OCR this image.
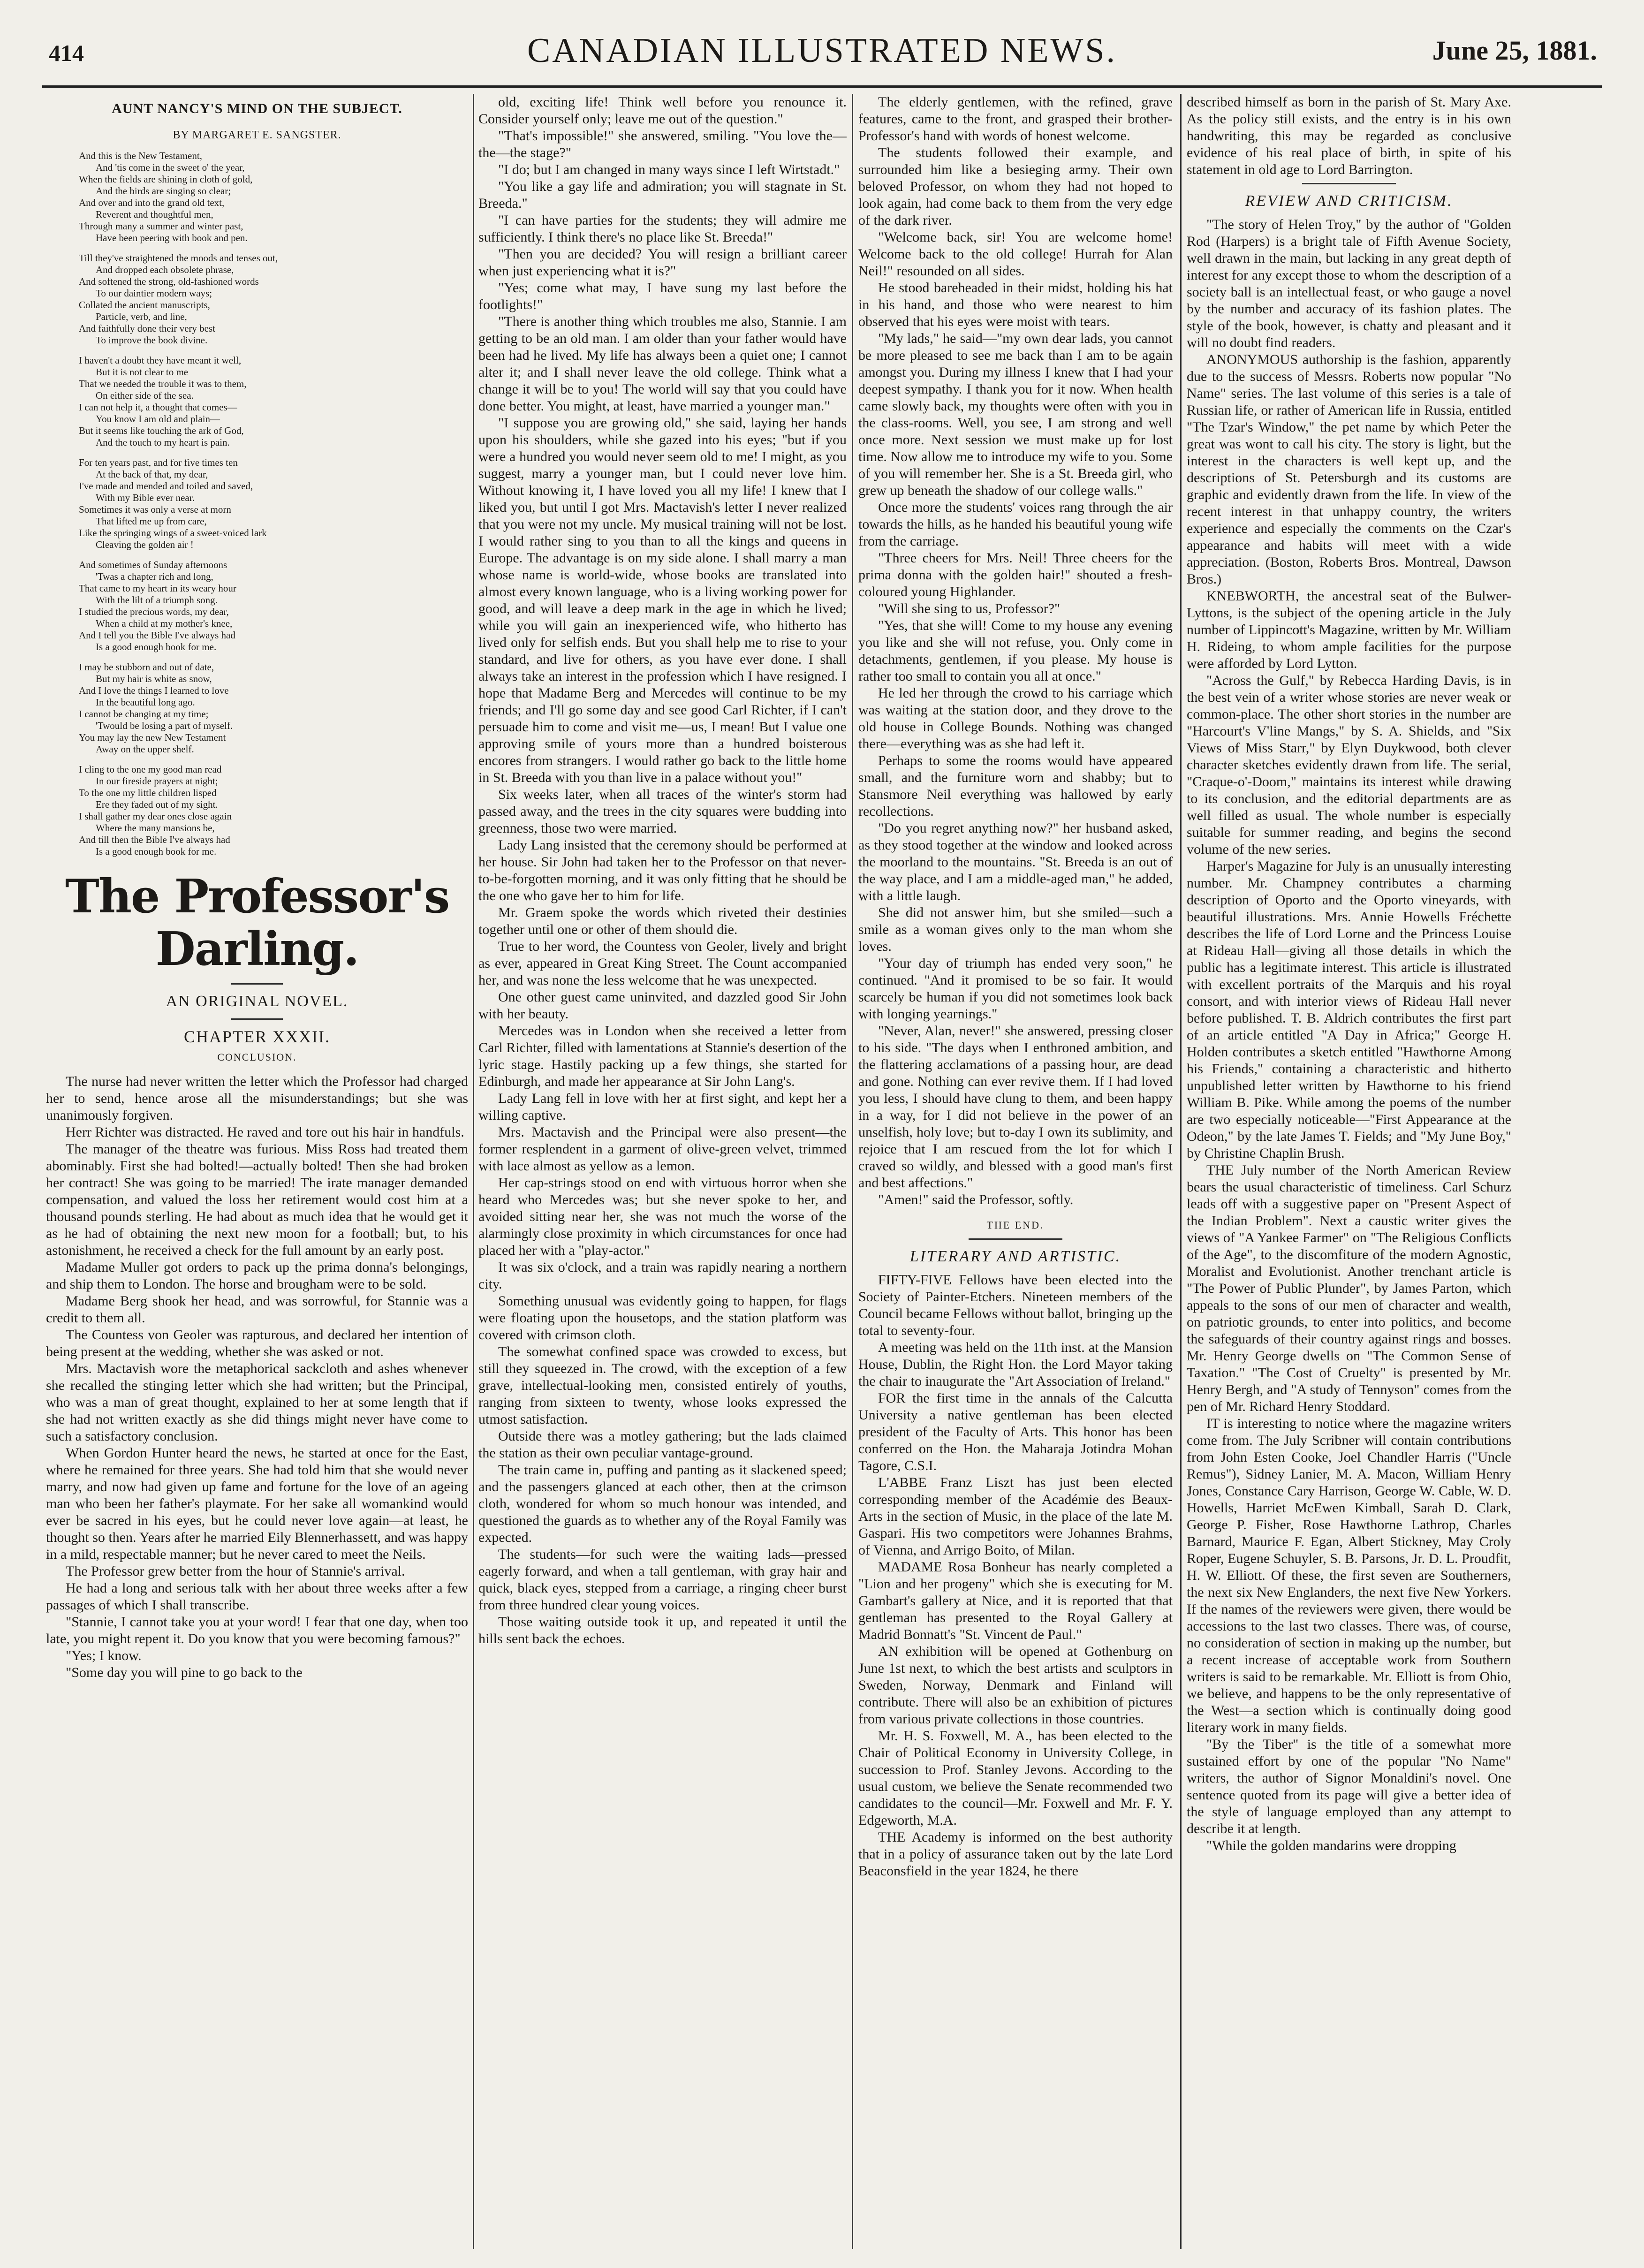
414	CANADIAN ILLUSTRATED NEWS.	June 25, 1881.
AUNT NANCY'S MIND ON THE SUBJECT.
BY MARGARET E. SANGSTER.
And this is the New Testament,
And 'tis come in the sweet o' the year,
When the fields are shining in cloth of gold,
And the birds are singing so clear;
And over and into the grand old text,
Reverent and thoughtful men,
Through many a summer and winter past,
Have been peering with book and pen.
Till they've straightened the moods and tenses out,
And dropped each obsolete phrase,
And softened the strong, old-fashioned words
To our daintier modern ways;
Collated the ancient manuscripts,
Particle, verb, and line,
And faithfully done their very best
To improve the book divine.
I haven't a doubt they have meant it well,
But it is not clear to me
That we needed the trouble it was to them,
On either side of the sea.
I can not help it, a thought that comes—
You know I am old and plain—
But it seems like touching the ark of God,
And the touch to my heart is pain.
For ten years past, and for five times ten
At the back of that, my dear,
I've made and mended and toiled and saved,
With my Bible ever near.
Sometimes it was only a verse at morn
That lifted me up from care,
Like the springing wings of a sweet-voiced lark
Cleaving the golden air !
And sometimes of Sunday afternoons
'Twas a chapter rich and long,
That came to my heart in its weary hour
With the lilt of a triumph song.
I studied the precious words, my dear,
When a child at my mother's knee,
And I tell you the Bible I've always had
Is a good enough book for me.
I may be stubborn and out of date,
But my hair is white as snow,
And I love the things I learned to love
In the beautiful long ago.
I cannot be changing at my time;
'Twould be losing a part of myself.
You may lay the new New Testament
Away on the upper shelf.
I cling to the one my good man read
In our fireside prayers at night;
To the one my little children lisped
Ere they faded out of my sight.
I shall gather my dear ones close again
Where the many mansions be,
And till then the Bible I've always had
Is a good enough book for me.
The Professor's Darling.
AN ORIGINAL NOVEL.
CHAPTER XXXII.
CONCLUSION.

The nurse had never written the letter which the Professor had charged her to send, hence arose all the misunderstandings; but she was unanimously forgiven.

Herr Richter was distracted. He raved and tore out his hair in handfuls.

The manager of the theatre was furious. Miss Ross had treated them abominably. First she had bolted!—actually bolted! Then she had broken her contract! She was going to be married! The irate manager demanded compensation, and valued the loss her retirement would cost him at a thousand pounds sterling. He had about as much idea that he would get it as he had of obtaining the next new moon for a football; but, to his astonishment, he received a check for the full amount by an early post.

Madame Muller got orders to pack up the prima donna's belongings, and ship them to London. The horse and brougham were to be sold.

Madame Berg shook her head, and was sorrowful, for Stannie was a credit to them all.

The Countess von Geoler was rapturous, and declared her intention of being present at the wedding, whether she was asked or not.

Mrs. Mactavish wore the metaphorical sackcloth and ashes whenever she recalled the stinging letter which she had written; but the Principal, who was a man of great thought, explained to her at some length that if she had not written exactly as she did things might never have come to such a satisfactory conclusion.

When Gordon Hunter heard the news, he started at once for the East, where he remained for three years. She had told him that she would never marry, and now had given up fame and fortune for the love of an ageing man who been her father's playmate. For her sake all womankind would ever be sacred in his eyes, but he could never love again—at least, he thought so then. Years after he married Eily Blennerhassett, and was happy in a mild, respectable manner; but he never cared to meet the Neils.

The Professor grew better from the hour of Stannie's arrival.

He had a long and serious talk with her about three weeks after a few passages of which I shall transcribe.

"Stannie, I cannot take you at your word! I fear that one day, when too late, you might repent it. Do you know that you were becoming famous?"

"Yes; I know.

"Some day you will pine to go back to the

old, exciting life! Think well before you renounce it. Consider yourself only; leave me out of the question."

"That's impossible!" she answered, smiling. "You love the—the—the stage?"

"I do; but I am changed in many ways since I left Wirtstadt."

"You like a gay life and admiration; you will stagnate in St. Breeda."

"I can have parties for the students; they will admire me sufficiently. I think there's no place like St. Breeda!"

"Then you are decided? You will resign a brilliant career when just experiencing what it is?"

"Yes; come what may, I have sung my last before the footlights!"

"There is another thing which troubles me also, Stannie. I am getting to be an old man. I am older than your father would have been had he lived. My life has always been a quiet one; I cannot alter it; and I shall never leave the old college. Think what a change it will be to you! The world will say that you could have done better. You might, at least, have married a younger man."

"I suppose you are growing old," she said, laying her hands upon his shoulders, while she gazed into his eyes; "but if you were a hundred you would never seem old to me! I might, as you suggest, marry a younger man, but I could never love him. Without knowing it, I have loved you all my life! I knew that I liked you, but until I got Mrs. Mactavish's letter I never realized that you were not my uncle. My musical training will not be lost. I would rather sing to you than to all the kings and queens in Europe. The advantage is on my side alone. I shall marry a man whose name is world-wide, whose books are translated into almost every known language, who is a living working power for good, and will leave a deep mark in the age in which he lived; while you will gain an inexperienced wife, who hitherto has lived only for selfish ends. But you shall help me to rise to your standard, and live for others, as you have ever done. I shall always take an interest in the profession which I have resigned. I hope that Madame Berg and Mercedes will continue to be my friends; and I'll go some day and see good Carl Richter, if I can't persuade him to come and visit me—us, I mean! But I value one approving smile of yours more than a hundred boisterous encores from strangers. I would rather go back to the little home in St. Breeda with you than live in a palace without you!"

Six weeks later, when all traces of the winter's storm had passed away, and the trees in the city squares were budding into greenness, those two were married.

Lady Lang insisted that the ceremony should be performed at her house. Sir John had taken her to the Professor on that never-to-be-forgotten morning, and it was only fitting that he should be the one who gave her to him for life.

Mr. Graem spoke the words which riveted their destinies together until one or other of them should die.

True to her word, the Countess von Geoler, lively and bright as ever, appeared in Great King Street. The Count accompanied her, and was none the less welcome that he was unexpected.

One other guest came uninvited, and dazzled good Sir John with her beauty.

Mercedes was in London when she received a letter from Carl Richter, filled with lamentations at Stannie's desertion of the lyric stage. Hastily packing up a few things, she started for Edinburgh, and made her appearance at Sir John Lang's.

Lady Lang fell in love with her at first sight, and kept her a willing captive.

Mrs. Mactavish and the Principal were also present—the former resplendent in a garment of olive-green velvet, trimmed with lace almost as yellow as a lemon.

Her cap-strings stood on end with virtuous horror when she heard who Mercedes was; but she never spoke to her, and avoided sitting near her, she was not much the worse of the alarmingly close proximity in which circumstances for once had placed her with a "play-actor."

It was six o'clock, and a train was rapidly nearing a northern city.

Something unusual was evidently going to happen, for flags were floating upon the housetops, and the station platform was covered with crimson cloth.

The somewhat confined space was crowded to excess, but still they squeezed in. The crowd, with the exception of a few grave, intellectual-looking men, consisted entirely of youths, ranging from sixteen to twenty, whose looks expressed the utmost satisfaction.

Outside there was a motley gathering; but the lads claimed the station as their own peculiar vantage-ground.

The train came in, puffing and panting as it slackened speed; and the passengers glanced at each other, then at the crimson cloth, wondered for whom so much honour was intended, and questioned the guards as to whether any of the Royal Family was expected.

The students—for such were the waiting lads—pressed eagerly forward, and when a tall gentleman, with gray hair and quick, black eyes, stepped from a carriage, a ringing cheer burst from three hundred clear young voices.

Those waiting outside took it up, and repeated it until the hills sent back the echoes.

The elderly gentlemen, with the refined, grave features, came to the front, and grasped their brother-Professor's hand with words of honest welcome.

The students followed their example, and surrounded him like a besieging army. Their own beloved Professor, on whom they had not hoped to look again, had come back to them from the very edge of the dark river.

"Welcome back, sir! You are welcome home! Welcome back to the old college! Hurrah for Alan Neil!" resounded on all sides.

He stood bareheaded in their midst, holding his hat in his hand, and those who were nearest to him observed that his eyes were moist with tears.

"My lads," he said—"my own dear lads, you cannot be more pleased to see me back than I am to be again amongst you. During my illness I knew that I had your deepest sympathy. I thank you for it now. When health came slowly back, my thoughts were often with you in the class-rooms. Well, you see, I am strong and well once more. Next session we must make up for lost time. Now allow me to introduce my wife to you. Some of you will remember her. She is a St. Breeda girl, who grew up beneath the shadow of our college walls."

Once more the students' voices rang through the air towards the hills, as he handed his beautiful young wife from the carriage.

"Three cheers for Mrs. Neil! Three cheers for the prima donna with the golden hair!" shouted a fresh-coloured young Highlander.

"Will she sing to us, Professor?"

"Yes, that she will! Come to my house any evening you like and she will not refuse, you. Only come in detachments, gentlemen, if you please. My house is rather too small to contain you all at once."

He led her through the crowd to his carriage which was waiting at the station door, and they drove to the old house in College Bounds. Nothing was changed there—everything was as she had left it.

Perhaps to some the rooms would have appeared small, and the furniture worn and shabby; but to Stansmore Neil everything was hallowed by early recollections.

"Do you regret anything now?" her husband asked, as they stood together at the window and looked across the moorland to the mountains. "St. Breeda is an out of the way place, and I am a middle-aged man," he added, with a little laugh.

She did not answer him, but she smiled—such a smile as a woman gives only to the man whom she loves.

"Your day of triumph has ended very soon," he continued. "And it promised to be so fair. It would scarcely be human if you did not sometimes look back with longing yearnings."

"Never, Alan, never!" she answered, pressing closer to his side. "The days when I enthroned ambition, and the flattering acclamations of a passing hour, are dead and gone. Nothing can ever revive them. If I had loved you less, I should have clung to them, and been happy in a way, for I did not believe in the power of an unselfish, holy love; but to-day I own its sublimity, and rejoice that I am rescued from the lot for which I craved so wildly, and blessed with a good man's first and best affections."

"Amen!" said the Professor, softly.

THE END.
LITERARY AND ARTISTIC.

FIFTY-FIVE Fellows have been elected into the Society of Painter-Etchers. Nineteen members of the Council became Fellows without ballot, bringing up the total to seventy-four.

A meeting was held on the 11th inst. at the Mansion House, Dublin, the Right Hon. the Lord Mayor taking the chair to inaugurate the "Art Association of Ireland."

FOR the first time in the annals of the Calcutta University a native gentleman has been elected president of the Faculty of Arts. This honor has been conferred on the Hon. the Maharaja Jotindra Mohan Tagore, C.S.I.

L'ABBE Franz Liszt has just been elected corresponding member of the Académie des Beaux-Arts in the section of Music, in the place of the late M. Gaspari. His two competitors were Johannes Brahms, of Vienna, and Arrigo Boito, of Milan.

MADAME Rosa Bonheur has nearly completed a "Lion and her progeny" which she is executing for M. Gambart's gallery at Nice, and it is reported that that gentleman has presented to the Royal Gallery at Madrid Bonnatt's "St. Vincent de Paul."

AN exhibition will be opened at Gothenburg on June 1st next, to which the best artists and sculptors in Sweden, Norway, Denmark and Finland will contribute. There will also be an exhibition of pictures from various private collections in those countries.

Mr. H. S. Foxwell, M. A., has been elected to the Chair of Political Economy in University College, in succession to Prof. Stanley Jevons. According to the usual custom, we believe the Senate recommended two candidates to the council—Mr. Foxwell and Mr. F. Y. Edgeworth, M.A.

THE Academy is informed on the best authority that in a policy of assurance taken out by the late Lord Beaconsfield in the year 1824, he there

described himself as born in the parish of St. Mary Axe. As the policy still exists, and the entry is in his own handwriting, this may be regarded as conclusive evidence of his real place of birth, in spite of his statement in old age to Lord Barrington.

REVIEW AND CRITICISM.

"The story of Helen Troy," by the author of "Golden Rod (Harpers) is a bright tale of Fifth Avenue Society, well drawn in the main, but lacking in any great depth of interest for any except those to whom the description of a society ball is an intellectual feast, or who gauge a novel by the number and accuracy of its fashion plates. The style of the book, however, is chatty and pleasant and it will no doubt find readers.

ANONYMOUS authorship is the fashion, apparently due to the success of Messrs. Roberts now popular "No Name" series. The last volume of this series is a tale of Russian life, or rather of American life in Russia, entitled "The Tzar's Window," the pet name by which Peter the great was wont to call his city. The story is light, but the interest in the characters is well kept up, and the descriptions of St. Petersburgh and its customs are graphic and evidently drawn from the life. In view of the recent interest in that unhappy country, the writers experience and especially the comments on the Czar's appearance and habits will meet with a wide appreciation. (Boston, Roberts Bros. Montreal, Dawson Bros.)

KNEBWORTH, the ancestral seat of the Bulwer-Lyttons, is the subject of the opening article in the July number of Lippincott's Magazine, written by Mr. William H. Rideing, to whom ample facilities for the purpose were afforded by Lord Lytton.

"Across the Gulf," by Rebecca Harding Davis, is in the best vein of a writer whose stories are never weak or common-place. The other short stories in the number are "Harcourt's V'line Mangs," by S. A. Shields, and "Six Views of Miss Starr," by Elyn Duykwood, both clever character sketches evidently drawn from life. The serial, "Craque-o'-Doom," maintains its interest while drawing to its conclusion, and the editorial departments are as well filled as usual. The whole number is especially suitable for summer reading, and begins the second volume of the new series.

Harper's Magazine for July is an unusually interesting number. Mr. Champney contributes a charming description of Oporto and the Oporto vineyards, with beautiful illustrations. Mrs. Annie Howells Fréchette describes the life of Lord Lorne and the Princess Louise at Rideau Hall—giving all those details in which the public has a legitimate interest. This article is illustrated with excellent portraits of the Marquis and his royal consort, and with interior views of Rideau Hall never before published. T. B. Aldrich contributes the first part of an article entitled "A Day in Africa;" George H. Holden contributes a sketch entitled "Hawthorne Among his Friends," containing a characteristic and hitherto unpublished letter written by Hawthorne to his friend William B. Pike. While among the poems of the number are two especially noticeable—"First Appearance at the Odeon," by the late James T. Fields; and "My June Boy," by Christine Chaplin Brush.

THE July number of the North American Review bears the usual characteristic of timeliness. Carl Schurz leads off with a suggestive paper on "Present Aspect of the Indian Problem". Next a caustic writer gives the views of "A Yankee Farmer" on "The Religious Conflicts of the Age", to the discomfiture of the modern Agnostic, Moralist and Evolutionist. Another trenchant article is "The Power of Public Plunder", by James Parton, which appeals to the sons of our men of character and wealth, on patriotic grounds, to enter into politics, and become the safeguards of their country against rings and bosses. Mr. Henry George dwells on "The Common Sense of Taxation." "The Cost of Cruelty" is presented by Mr. Henry Bergh, and "A study of Tennyson" comes from the pen of Mr. Richard Henry Stoddard.

IT is interesting to notice where the magazine writers come from. The July Scribner will contain contributions from John Esten Cooke, Joel Chandler Harris ("Uncle Remus"), Sidney Lanier, M. A. Macon, William Henry Jones, Constance Cary Harrison, George W. Cable, W. D. Howells, Harriet McEwen Kimball, Sarah D. Clark, George P. Fisher, Rose Hawthorne Lathrop, Charles Barnard, Maurice F. Egan, Albert Stickney, May Croly Roper, Eugene Schuyler, S. B. Parsons, Jr. D. L. Proudfit, H. W. Elliott. Of these, the first seven are Southerners, the next six New Englanders, the next five New Yorkers. If the names of the reviewers were given, there would be accessions to the last two classes. There was, of course, no consideration of section in making up the number, but a recent increase of acceptable work from Southern writers is said to be remarkable. Mr. Elliott is from Ohio, we believe, and happens to be the only representative of the West—a section which is continually doing good literary work in many fields.

"By the Tiber" is the title of a somewhat more sustained effort by one of the popular "No Name" writers, the author of Signor Monaldini's novel. One sentence quoted from its page will give a better idea of the style of language employed than any attempt to describe it at length.

"While the golden mandarins were dropping
